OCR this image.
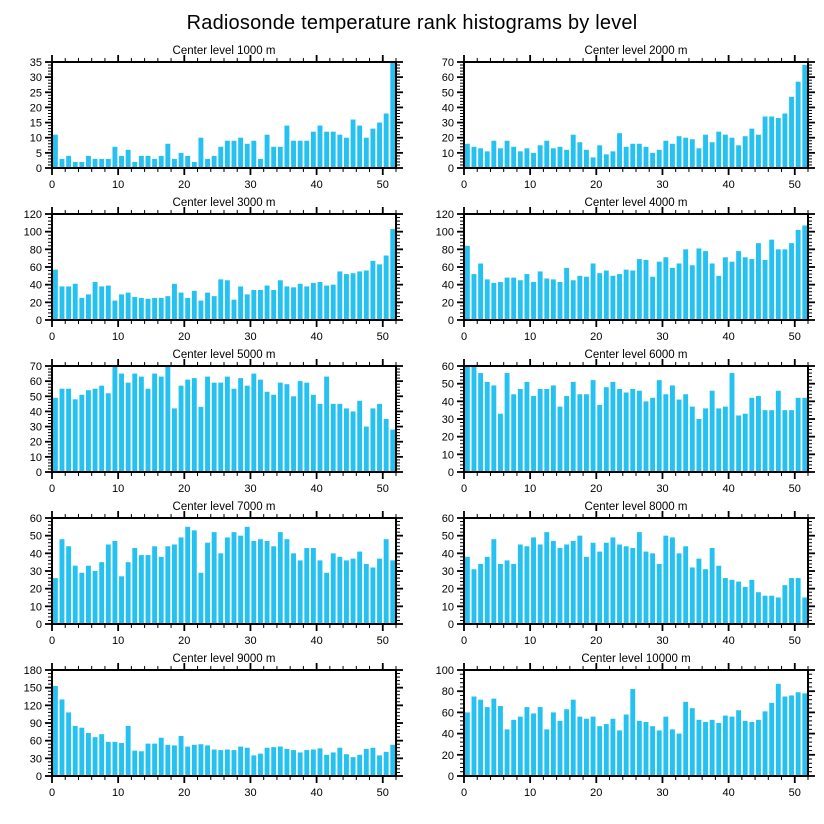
Radiosonde temperature rank histograms by level
Center level 1000 m
0
5
10
15
20
25
30
35
0	10	20	30	40	50
Center level 2000 m
0
10
20
30
40
50
60
70
0	10	20	30	40	50
Center level 3000 m
0
20
40
60
80
100
120
0	10	20	30	40	50
Center level 4000 m
0
20
40
60
80
100
120
0	10	20	30	40	50
Center level 5000 m
0
10
20
30
40
50
60
70
0	10	20	30	40	50
Center level 6000 m
0
10
20
30
40
50
60
0	10	20	30	40	50
Center level 7000 m
0
10
20
30
40
50
60
0	10	20	30	40	50
Center level 8000 m
0
10
20
30
40
50
60
0	10	20	30	40	50
Center level 9000 m
0
30
60
90
120
150
180
0	10	20	30	40	50
Center level 10000 m
0
20
40
60
80
100
0	10	20	30	40	50
